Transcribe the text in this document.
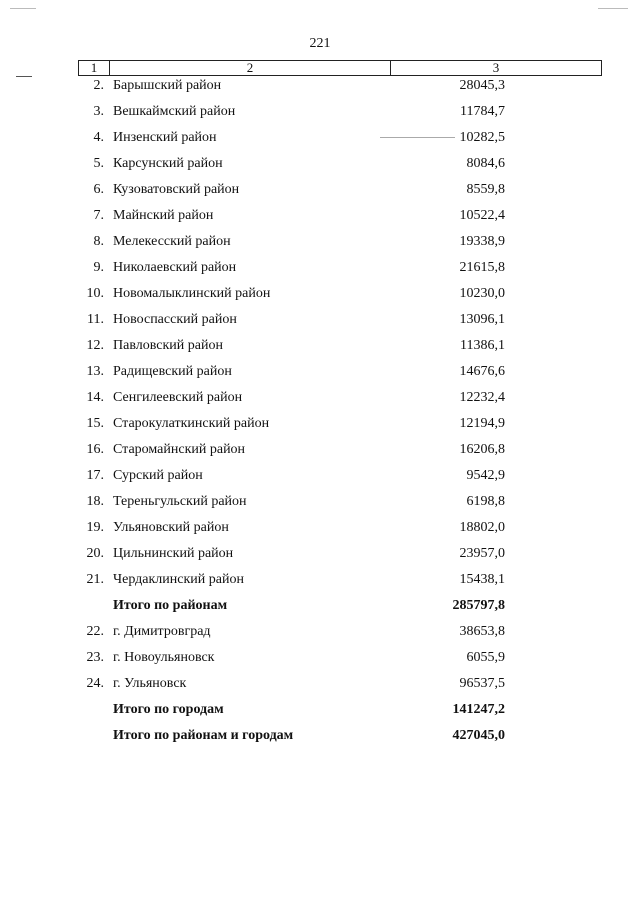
221
1	2	3
2. Барышский район	28045,3
3. Вешкаймский район	11784,7
4. Инзенский район	10282,5
5. Карсунский район	8084,6
6. Кузоватовский район	8559,8
7. Майнский район	10522,4
8. Мелекесский район	19338,9
9. Николаевский район	21615,8
10. Новомалыклинский район	10230,0
11. Новоспасский район	13096,1
12. Павловский район	11386,1
13. Радищевский район	14676,6
14. Сенгилеевский район	12232,4
15. Старокулаткинский район	12194,9
16. Старомайнский район	16206,8
17. Сурский район	9542,9
18. Тереньгульский район	6198,8
19. Ульяновский район	18802,0
20. Цильнинский район	23957,0
21. Чердаклинский район	15438,1
Итого по районам	285797,8
22. г. Димитровград	38653,8
23. г. Новоульяновск	6055,9
24. г. Ульяновск	96537,5
Итого по городам	141247,2
Итого по районам и городам	427045,0
